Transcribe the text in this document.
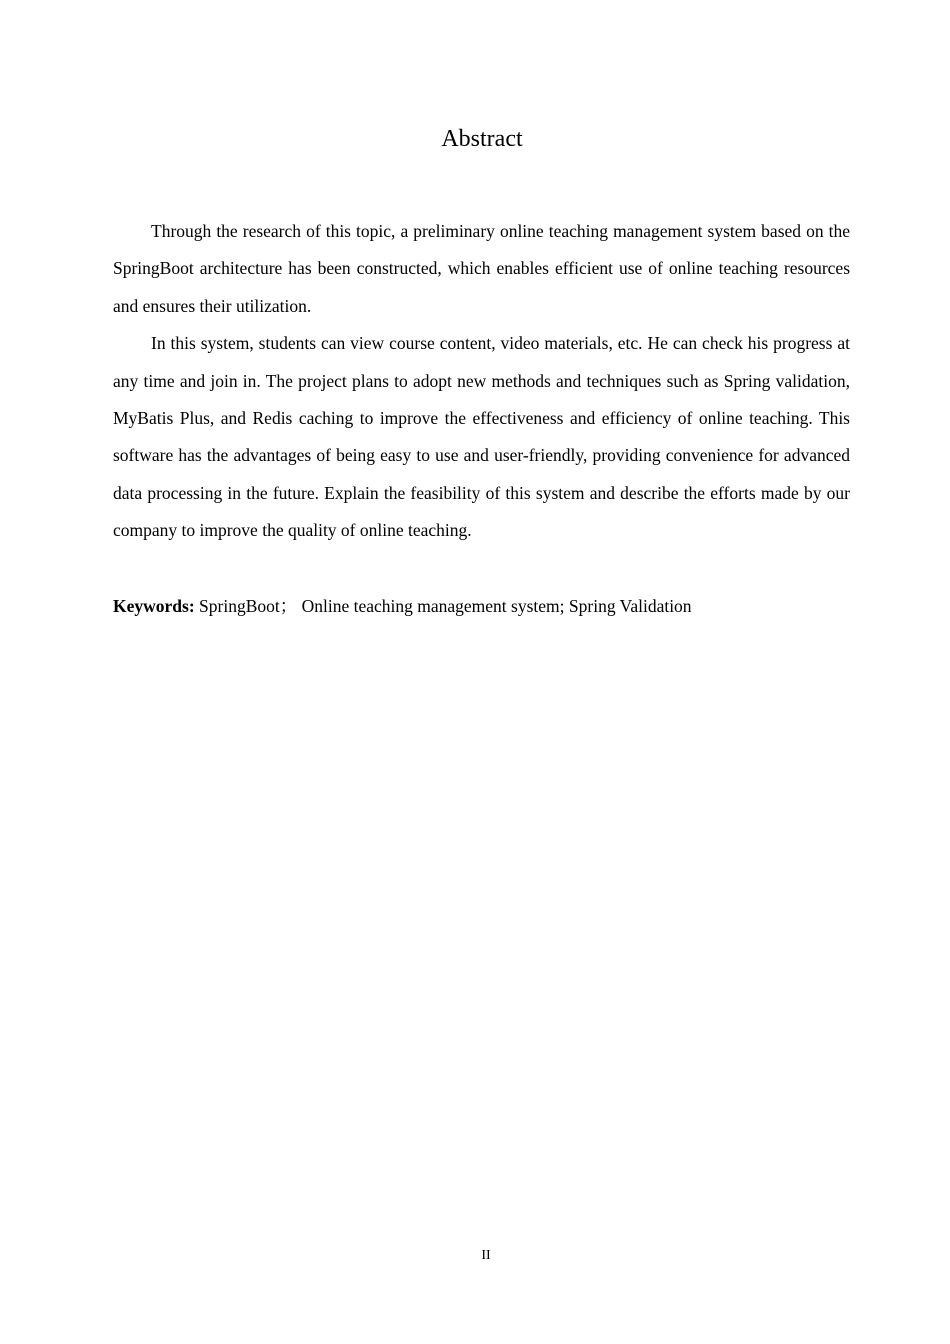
Abstract

Through the research of this topic, a preliminary online teaching management system based on the SpringBoot architecture has been constructed, which enables efficient use of online teaching resources and ensures their utilization.

In this system, students can view course content, video materials, etc. He can check his progress at any time and join in. The project plans to adopt new methods and techniques such as Spring validation, MyBatis Plus, and Redis caching to improve the effectiveness and efficiency of online teaching. This software has the advantages of being easy to use and user-friendly, providing convenience for advanced data processing in the future. Explain the feasibility of this system and describe the efforts made by our company to improve the quality of online teaching.

Keywords: SpringBoot； Online teaching management system; Spring Validation

II
